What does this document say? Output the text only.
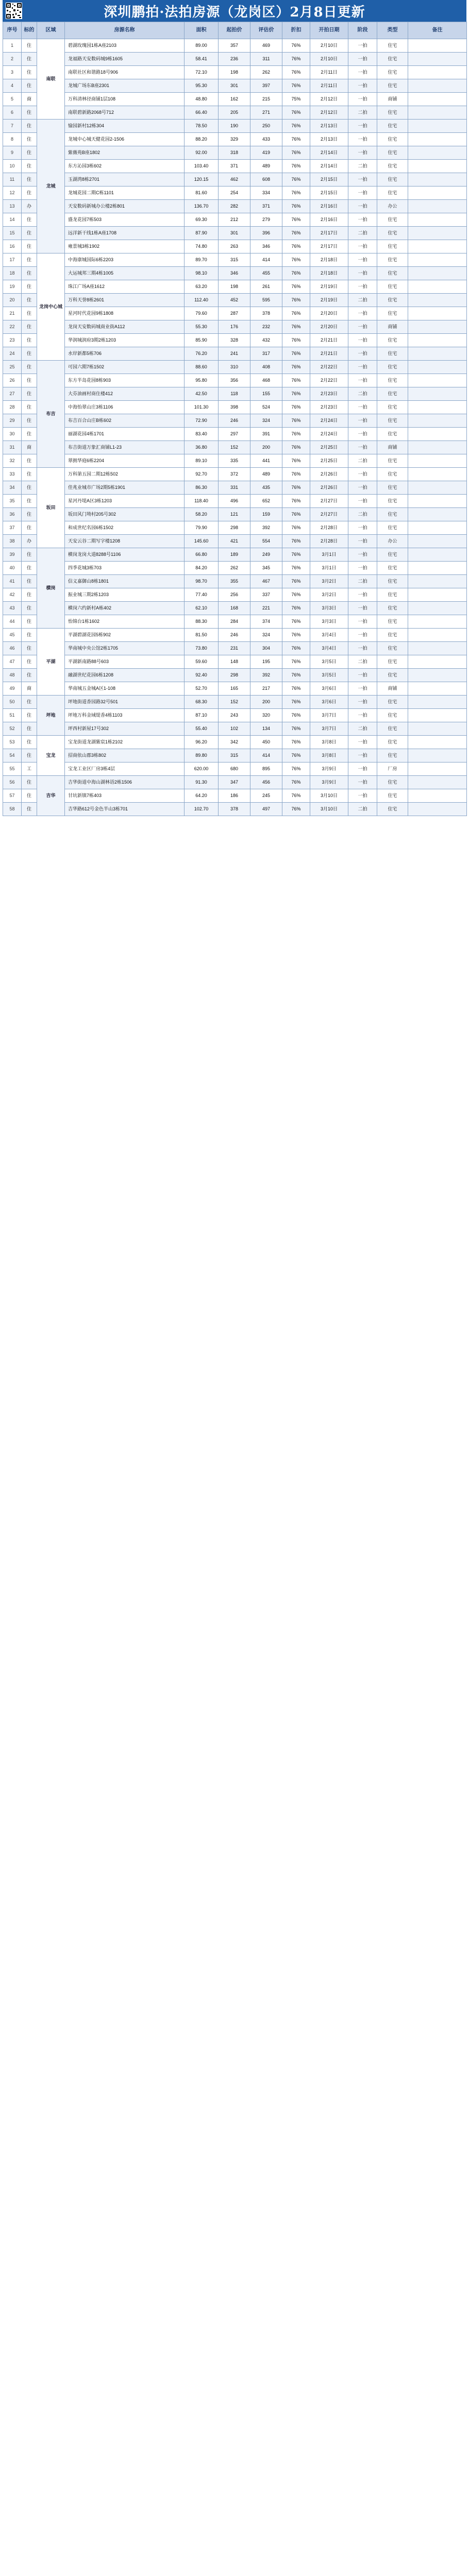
深圳鹏拍·法拍房源（龙岗区）2月8日更新
序号	标的	区域	房源名称	面积	起拍价	评估价	折扣	开拍日期	阶段	类型	备注
1	住	南联	碧湖玫瑰园1栋A座2103	89.00	357	469	76%	2月10日	一拍	住宅	
2	住		龙福路天安数码城9栋1605	58.41	236	311	76%	2月10日	一拍	住宅	
3	住		南联社区和谐路18号906	72.10	198	262	76%	2月11日	一拍	住宅	
4	住		龙城广场东B座2301	95.30	301	397	76%	2月11日	一拍	住宅	
5	商		万科清林径商铺1层108	48.80	162	215	75%	2月12日	一拍	商铺	
6	住		南联碧新路2068号712	66.40	205	271	76%	2月12日	二拍	住宅	
7	住	龙城	愉园新村12栋304	78.50	190	250	76%	2月13日	一拍	住宅	
8	住		龙城中心城天健花园2-1506	88.20	329	433	76%	2月13日	一拍	住宅	
9	住		紫薇苑B座1802	92.00	318	419	76%	2月14日	一拍	住宅	
10	住		东方沁园3栋602	103.40	371	489	76%	2月14日	二拍	住宅	
11	住		玉湖湾8栋2701	120.15	462	608	76%	2月15日	一拍	住宅	
12	住		龙城花园二期C栋1101	81.60	254	334	76%	2月15日	一拍	住宅	
13	办		天安数码新城办公楼2栋801	136.70	282	371	76%	2月16日	一拍	办公	
14	住		盛龙花园7栋503	69.30	212	279	76%	2月16日	一拍	住宅	
15	住		远洋新干线1栋A座1708	87.90	301	396	76%	2月17日	二拍	住宅	
16	住		雍景城3栋1902	74.80	263	346	76%	2月17日	一拍	住宅	
17	住	龙岗中心城	中海康城国际6栋2203	89.70	315	414	76%	2月18日	一拍	住宅	
18	住		大运城邦三期4栋1005	98.10	346	455	76%	2月18日	一拍	住宅	
19	住		珠江广场A座1612	63.20	198	261	76%	2月19日	一拍	住宅	
20	住		万科天誉8栋2601	112.40	452	595	76%	2月19日	二拍	住宅	
21	住		星河时代花园9栋1808	79.60	287	378	76%	2月20日	一拍	住宅	
22	住		龙岗天安数码城商业街A112	55.30	176	232	76%	2月20日	一拍	商铺	
23	住		华润城润府3期2栋1203	85.90	328	432	76%	2月21日	一拍	住宅	
24	住		水岸新都5栋706	76.20	241	317	76%	2月21日	一拍	住宅	
25	住	布吉	可园六期7栋1502	88.60	310	408	76%	2月22日	一拍	住宅	
26	住		东方半岛花园8栋903	95.80	356	468	76%	2月22日	一拍	住宅	
27	住		大芬油画村商住楼412	42.50	118	155	76%	2月23日	二拍	住宅	
28	住		中海怡翠山庄3栋1106	101.30	398	524	76%	2月23日	一拍	住宅	
29	住		布吉百合山庄B栋602	72.90	246	324	76%	2月24日	一拍	住宅	
30	住		丽湖花园4栋1701	83.40	297	391	76%	2月24日	一拍	住宅	
31	商		布吉街道万象汇商铺L1-23	36.80	152	200	76%	2月25日	一拍	商铺	
32	住		翠拥华庭6栋2204	89.10	335	441	76%	2月25日	二拍	住宅	
33	住	坂田	万科第五园二期12栋502	92.70	372	489	76%	2月26日	一拍	住宅	
34	住		佳兆业城市广场2期5栋1901	86.30	331	435	76%	2月26日	一拍	住宅	
35	住		星河丹堤A区3栋1203	118.40	496	652	76%	2月27日	一拍	住宅	
36	住		坂田风门坳村205号302	58.20	121	159	76%	2月27日	二拍	住宅	
37	住		和成世纪名园6栋1502	79.90	298	392	76%	2月28日	一拍	住宅	
38	办		天安云谷二期写字楼1208	145.60	421	554	76%	2月28日	一拍	办公	
39	住	横岗	横岗龙岗大道8288号1106	66.80	189	249	76%	3月1日	一拍	住宅	
40	住		四季花城3栋703	84.20	262	345	76%	3月1日	一拍	住宅	
41	住		信义嘉御山8栋1801	98.70	355	467	76%	3月2日	二拍	住宅	
42	住		振业城三期2栋1203	77.40	256	337	76%	3月2日	一拍	住宅	
43	住		横岗六约新村A栋402	62.10	168	221	76%	3月3日	一拍	住宅	
44	住		怡锦台1栋1602	88.30	284	374	76%	3月3日	一拍	住宅	
45	住	平湖	平湖碧湖花园5栋902	81.50	246	324	76%	3月4日	一拍	住宅	
46	住		华南城中央公馆2栋1705	73.80	231	304	76%	3月4日	一拍	住宅	
47	住		平湖新南路88号603	59.60	148	195	76%	3月5日	二拍	住宅	
48	住		融湖世纪花园6栋1208	92.40	298	392	76%	3月5日	一拍	住宅	
49	商		华南城五金城A区1-108	52.70	165	217	76%	3月6日	一拍	商铺	
50	住	坪地	坪地街道香园路32号501	68.30	152	200	76%	3月6日	一拍	住宅	
51	住		坪地万科金域缇香4栋1103	87.10	243	320	76%	3月7日	一拍	住宅	
52	住		坪西村新屋17号302	55.40	102	134	76%	3月7日	二拍	住宅	
53	住	宝龙	宝龙街道龙湖紫宸1栋2102	96.20	342	450	76%	3月8日	一拍	住宅	
54	住		招商依山郡3栋802	89.80	315	414	76%	3月8日	一拍	住宅	
55	工		宝龙工业区厂房3栋4层	620.00	680	895	76%	3月9日	一拍	厂房	
56	住	吉华	吉华街道中海山湖林语2栋1506	91.30	347	456	76%	3月9日	一拍	住宅	
57	住		甘坑新镇7栋403	64.20	186	245	76%	3月10日	一拍	住宅	
58	住		吉华路612号金色半山3栋701	102.70	378	497	76%	3月10日	二拍	住宅	
